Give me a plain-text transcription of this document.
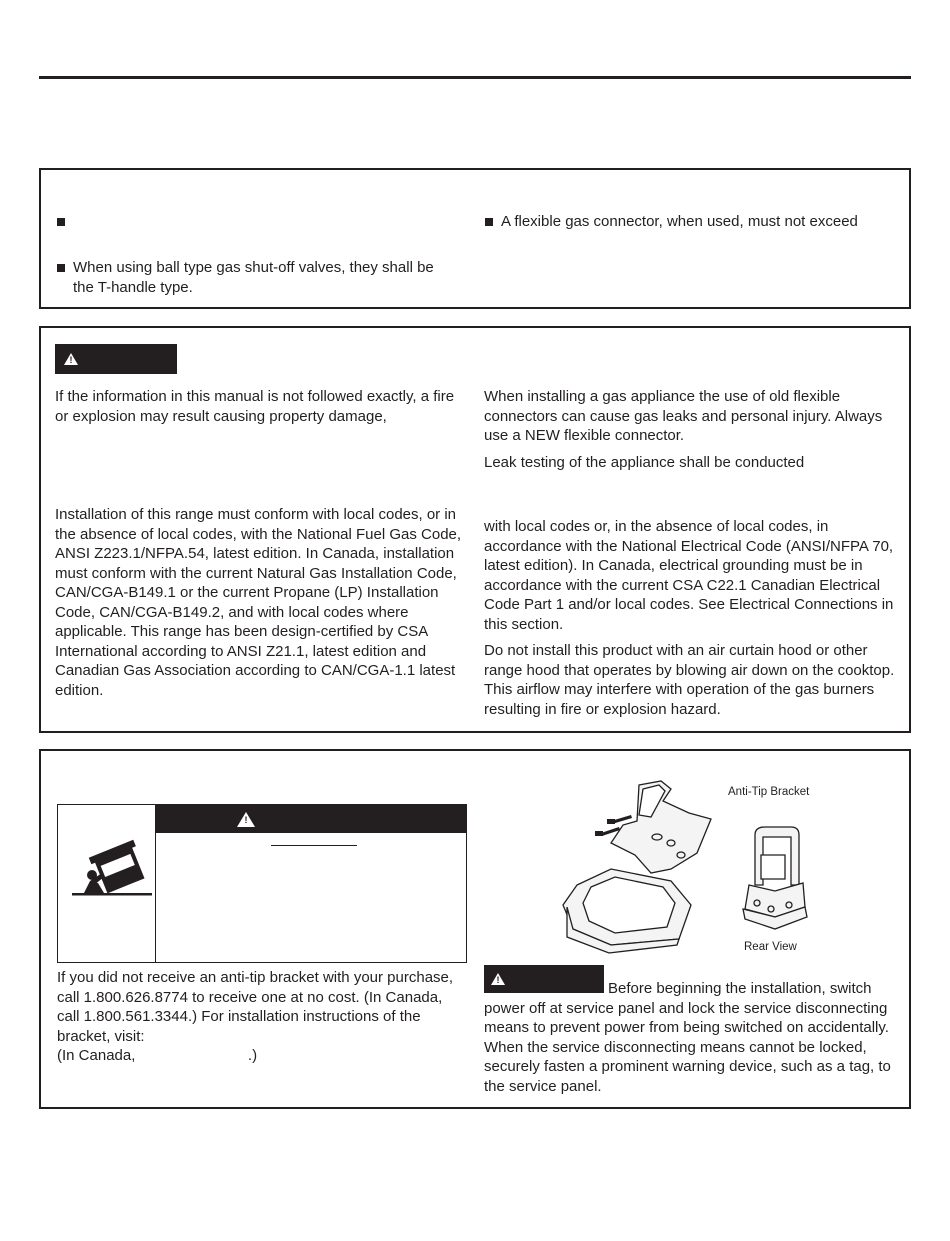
When using ball type gas shut-off valves, they shall be the T-handle type.
A flexible gas connector, when used, must not exceed
!

If the information in this manual is not followed exactly, a fire or explosion may result causing property damage,

Installation of this range must conform with local codes, or in the absence of local codes, with the National Fuel Gas Code, ANSI Z223.1/NFPA.54, latest edition. In Canada, installation must conform with the current Natural Gas Installation Code, CAN/CGA-B149.1 or the current Propane (LP) Installation Code, CAN/CGA-B149.2, and with local codes where applicable. This range has been design-certified by CSA International according to ANSI Z21.1, latest edition and Canadian Gas Association according to CAN/CGA-1.1 latest edition.

When installing a gas appliance the use of old flexible connectors can cause gas leaks and personal injury. Always use a NEW flexible connector.

Leak testing of the appliance shall be conducted

with local codes or, in the absence of local codes, in accordance with the National Electrical Code (ANSI/NFPA 70, latest edition). In Canada, electrical grounding must be in accordance with the current CSA C22.1 Canadian Electrical Code Part 1 and/or local codes. See Electrical Connections in this section.

Do not install this product with an air curtain hood or other range hood that operates by blowing air down on the cooktop. This airflow may interfere with operation of the gas burners resulting in fire or explosion hazard.

!

If you did not receive an anti-tip bracket with your purchase, call 1.800.626.8774 to receive one at no cost. (In Canada, call 1.800.561.3344.) For installation instructions of the bracket, visit:

(In Canada,                           .)

Anti-Tip Bracket

Rear View

!	Before beginning the installation, switch power off at service panel and lock the service disconnecting means to prevent power from being switched on accidentally. When the service disconnecting means cannot be locked, securely fasten a prominent warning device, such as a tag, to the service panel.
